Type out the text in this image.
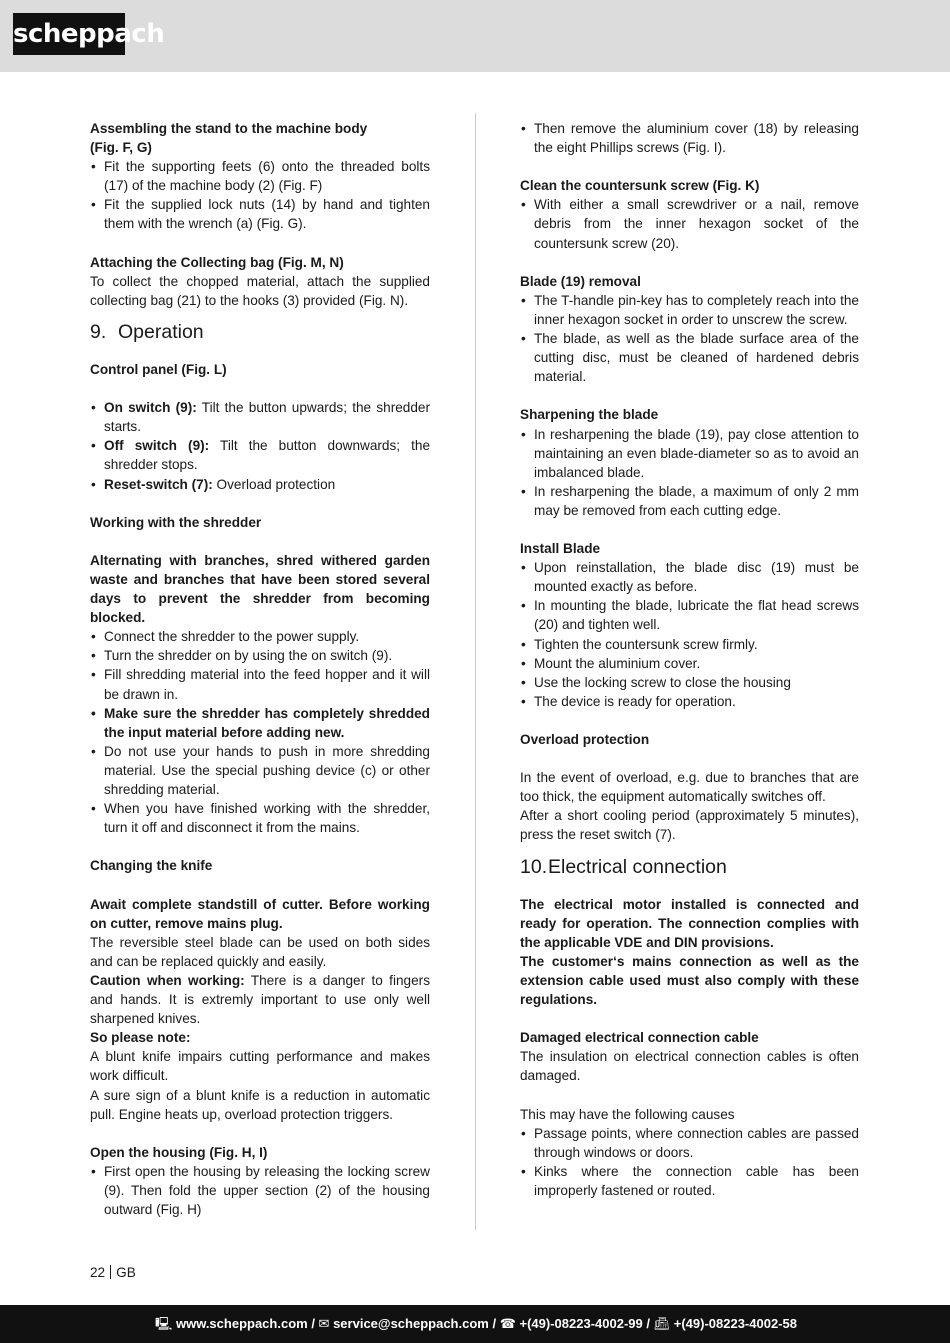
scheppach

Assembling the stand to the machine body

(Fig. F, G)

• Fit the supporting feets (6) onto the threaded bolts (17) of the machine body (2) (Fig. F)
• Fit the supplied lock nuts (14) by hand and tighten them with the wrench (a) (Fig. G).

Attaching the Collecting bag (Fig. M, N)

To collect the chopped material, attach the supplied collecting bag (21) to the hooks (3) provided (Fig. N).

9. Operation

Control panel (Fig. L)

• On switch (9): Tilt the button upwards; the shredder starts.
• Off switch (9): Tilt the button downwards; the shredder stops.
• Reset-switch (7): Overload protection

Working with the shredder

Alternating with branches, shred withered garden waste and branches that have been stored several days to prevent the shredder from becoming blocked.

• Connect the shredder to the power supply.
• Turn the shredder on by using the on switch (9).
• Fill shredding material into the feed hopper and it will be drawn in.
• Make sure the shredder has completely shredded the input material before adding new.
• Do not use your hands to push in more shredding material. Use the special pushing device (c) or other shredding material.
• When you have finished working with the shredder, turn it off and disconnect it from the mains.

Changing the knife

Await complete standstill of cutter. Before working on cutter, remove mains plug.

The reversible steel blade can be used on both sides and can be replaced quickly and easily.

Caution when working: There is a danger to fingers and hands. It is extremly important to use only well sharpened knives.

So please note:

A blunt knife impairs cutting performance and makes work difficult.

A sure sign of a blunt knife is a reduction in automatic pull. Engine heats up, overload protection triggers.

Open the housing (Fig. H, I)

• First open the housing by releasing the locking screw (9). Then fold the upper section (2) of the housing outward (Fig. H)
• Then remove the aluminium cover (18) by releasing the eight Phillips screws (Fig. I).

Clean the countersunk screw (Fig. K)

• With either a small screwdriver or a nail, remove debris from the inner hexagon socket of the countersunk screw (20).

Blade (19) removal

• The T-handle pin-key has to completely reach into the inner hexagon socket in order to unscrew the screw.
• The blade, as well as the blade surface area of the cutting disc, must be cleaned of hardened debris material.

Sharpening the blade

• In resharpening the blade (19), pay close attention to maintaining an even blade-diameter so as to avoid an imbalanced blade.
• In resharpening the blade, a maximum of only 2 mm may be removed from each cutting edge.

Install Blade

• Upon reinstallation, the blade disc (19) must be mounted exactly as before.
• In mounting the blade, lubricate the flat head screws (20) and tighten well.
• Tighten the countersunk screw firmly.
• Mount the aluminium cover.
• Use the locking screw to close the housing
• The device is ready for operation.

Overload protection

In the event of overload, e.g. due to branches that are too thick, the equipment automatically switches off.

After a short cooling period (approximately 5 minutes), press the reset switch (7).

10.Electrical connection

The electrical motor installed is connected and ready for operation. The connection complies with the applicable VDE and DIN provisions.

The customer‘s mains connection as well as the extension cable used must also comply with these regulations.

Damaged electrical connection cable

The insulation on electrical connection cables is often damaged.

This may have the following causes

• Passage points, where connection cables are passed through windows or doors.
• Kinks where the connection cable has been improperly fastened or routed.
22 GB
🖳︎ www.scheppach.com / ✉︎ service@scheppach.com / ☎︎ +(49)-08223-4002-99 / 📠︎ +(49)-08223-4002-58
